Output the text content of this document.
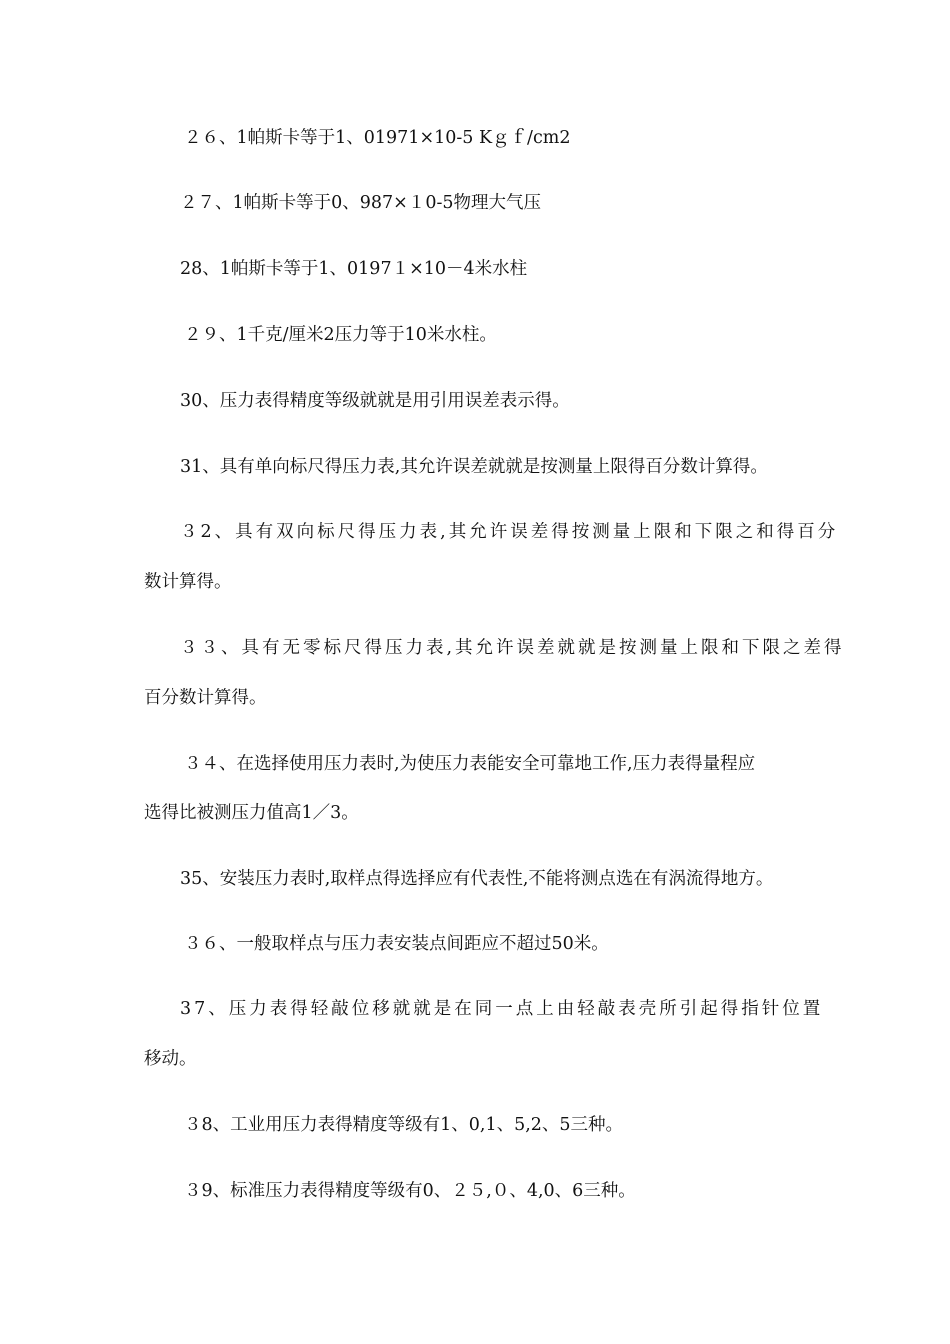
２６、1帕斯卡等于1、01971×10-5 Kｇｆ/cm2
２７、1帕斯卡等于0、987×１0-5物理大气压
28、1帕斯卡等于1、0197１×10－4米水柱
２９、1千克/厘米2压力等于10米水柱。
30、压力表得精度等级就就是用引用误差表示得。
31、具有单向标尺得压力表,其允许误差就就是按测量上限得百分数计算得。
３2、具有双向标尺得压力表,其允许误差得按测量上限和下限之和得百分
数计算得。
３３、具有无零标尺得压力表,其允许误差就就是按测量上限和下限之差得
百分数计算得。
３４、在选择使用压力表时,为使压力表能安全可靠地工作,压力表得量程应
选得比被测压力值高1／3。
35、安装压力表时,取样点得选择应有代表性,不能将测点选在有涡流得地方。
３６、一般取样点与压力表安装点间距应不超过50米。
37、压力表得轻敲位移就就是在同一点上由轻敲表壳所引起得指针位置
移动。
３8、工业用压力表得精度等级有1、0,1、5,2、5三种。
３9、标准压力表得精度等级有0、２５,０、4,0、6三种。
